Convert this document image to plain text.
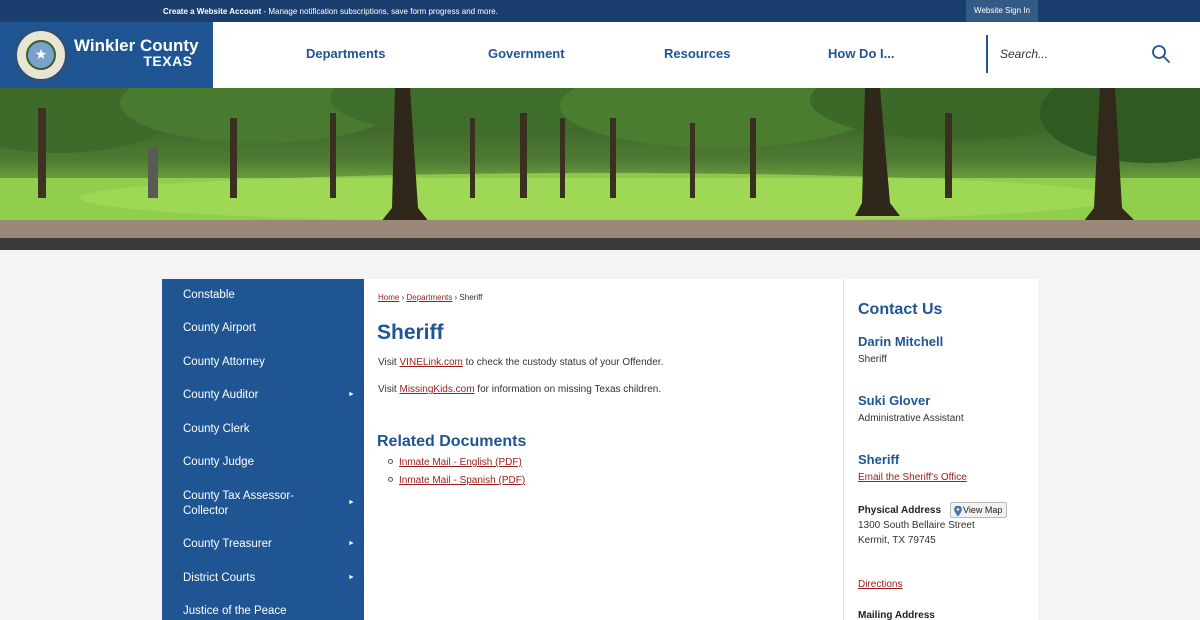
Create a Website Account - Manage notification subscriptions, save form progress and more.	Website Sign In
★	Winkler County
TEXAS	Departments	Government	Resources	How Do I...
Search...
Constable
County Airport
County Attorney
County Auditor	►
County Clerk
County Judge
County Tax Assessor-
Collector
►
County Treasurer	►
District Courts	►
Justice of the Peace
Home › Departments › Sheriff
Sheriff
Visit VINELink.com to check the custody status of your Offender.
Visit MissingKids.com for information on missing Texas children.
Related Documents
Inmate Mail - English (PDF)
Inmate Mail - Spanish (PDF)
Contact Us
Darin Mitchell
Sheriff
Suki Glover
Administrative Assistant
Sheriff
Email the Sheriff's Office
Physical Address	View Map
1300 South Bellaire Street
Kermit, TX 79745
Directions
Mailing Address
